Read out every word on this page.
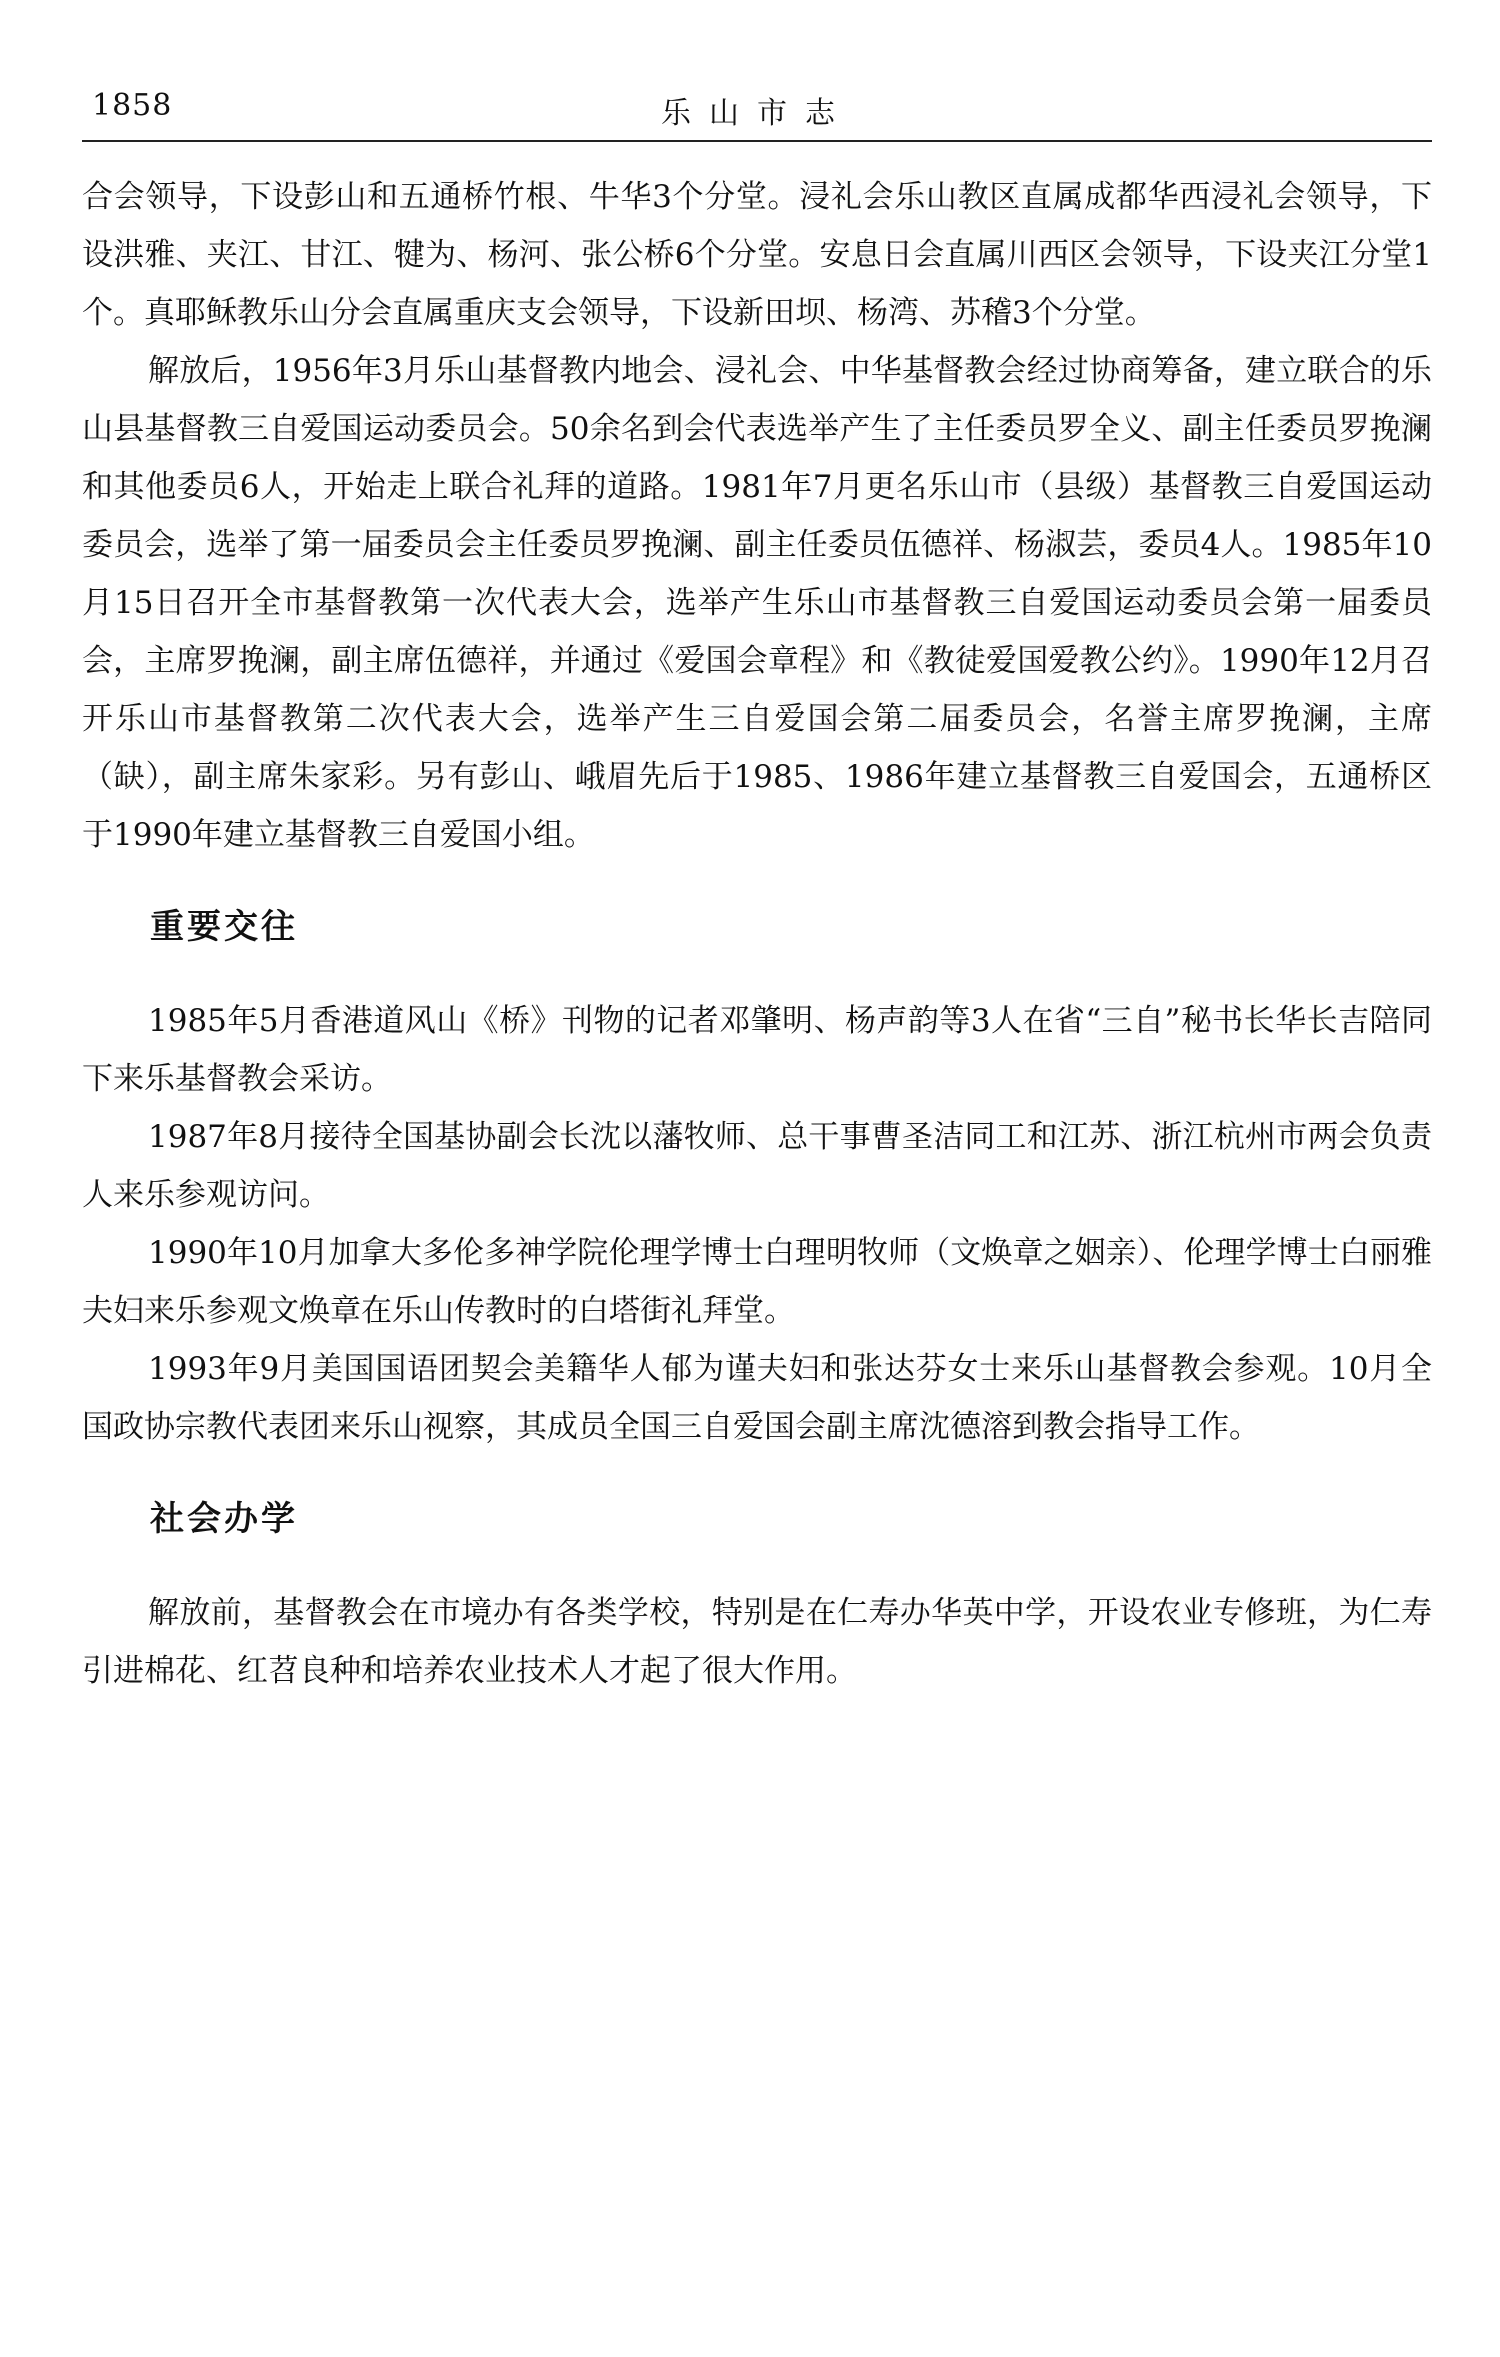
1858	乐山市志

合会领导，下设彭山和五通桥竹根、牛华3个分堂。浸礼会乐山教区直属成都华西浸礼会领导，下设洪雅、夹江、甘江、犍为、杨河、张公桥6个分堂。安息日会直属川西区会领导，下设夹江分堂1个。真耶稣教乐山分会直属重庆支会领导，下设新田坝、杨湾、苏稽3个分堂。

解放后，1956年3月乐山基督教内地会、浸礼会、中华基督教会经过协商筹备，建立联合的乐山县基督教三自爱国运动委员会。50余名到会代表选举产生了主任委员罗全义、副主任委员罗挽澜和其他委员6人，开始走上联合礼拜的道路。1981年7月更名乐山市（县级）基督教三自爱国运动委员会，选举了第一届委员会主任委员罗挽澜、副主任委员伍德祥、杨淑芸，委员4人。1985年10月15日召开全市基督教第一次代表大会，选举产生乐山市基督教三自爱国运动委员会第一届委员会，主席罗挽澜，副主席伍德祥，并通过《爱国会章程》和《教徒爱国爱教公约》。1990年12月召开乐山市基督教第二次代表大会，选举产生三自爱国会第二届委员会，名誉主席罗挽澜，主席（缺），副主席朱家彩。另有彭山、峨眉先后于1985、1986年建立基督教三自爱国会，五通桥区于1990年建立基督教三自爱国小组。

重要交往

1985年5月香港道风山《桥》刊物的记者邓肇明、杨声韵等3人在省“三自”秘书长华长吉陪同下来乐基督教会采访。

1987年8月接待全国基协副会长沈以藩牧师、总干事曹圣洁同工和江苏、浙江杭州市两会负责人来乐参观访问。

1990年10月加拿大多伦多神学院伦理学博士白理明牧师（文焕章之姻亲）、伦理学博士白丽雅夫妇来乐参观文焕章在乐山传教时的白塔街礼拜堂。

1993年9月美国国语团契会美籍华人郁为谨夫妇和张达芬女士来乐山基督教会参观。10月全国政协宗教代表团来乐山视察，其成员全国三自爱国会副主席沈德溶到教会指导工作。

社会办学

解放前，基督教会在市境办有各类学校，特别是在仁寿办华英中学，开设农业专修班，为仁寿引进棉花、红苕良种和培养农业技术人才起了很大作用。
